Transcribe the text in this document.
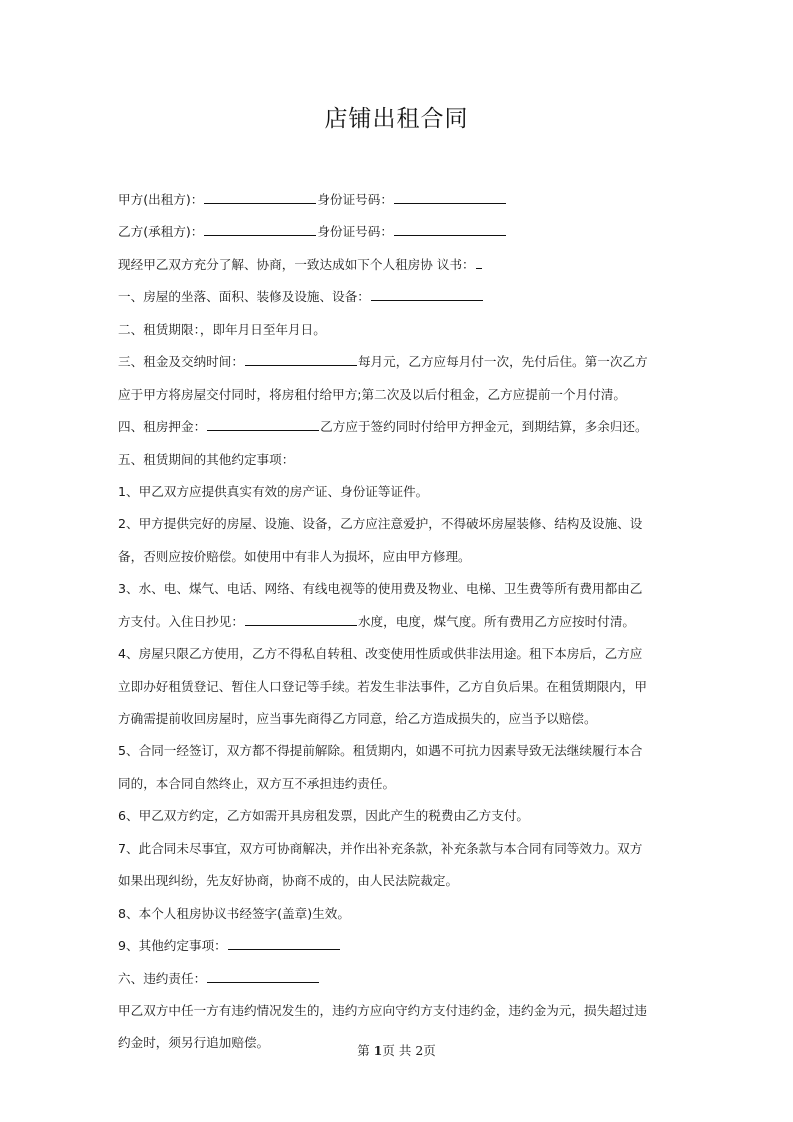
店铺出租合同
甲方(出租方)：	身份证号码：
乙方(承租方)：	身份证号码：
现经甲乙双方充分了解、协商，一致达成如下个人租房协 议书：
一、房屋的坐落、面积、装修及设施、设备：
二、租赁期限：，即年月日至年月日。
三、租金及交纳时间：	每月元，乙方应每月付一次，先付后住。第一次乙方
应于甲方将房屋交付同时，将房租付给甲方;第二次及以后付租金，乙方应提前一个月付清。
四、租房押金：	乙方应于签约同时付给甲方押金元，到期结算，多余归还。
五、租赁期间的其他约定事项：
1、甲乙双方应提供真实有效的房产证、身份证等证件。
2、甲方提供完好的房屋、设施、设备，乙方应注意爱护，不得破坏房屋装修、结构及设施、设
备，否则应按价赔偿。如使用中有非人为损坏，应由甲方修理。
3、水、电、煤气、电话、网络、有线电视等的使用费及物业、电梯、卫生费等所有费用都由乙
方支付。入住日抄见：	水度，电度，煤气度。所有费用乙方应按时付清。
4、房屋只限乙方使用，乙方不得私自转租、改变使用性质或供非法用途。租下本房后，乙方应
立即办好租赁登记、暂住人口登记等手续。若发生非法事件，乙方自负后果。在租赁期限内，甲
方确需提前收回房屋时，应当事先商得乙方同意，给乙方造成损失的，应当予以赔偿。
5、合同一经签订，双方都不得提前解除。租赁期内，如遇不可抗力因素导致无法继续履行本合
同的，本合同自然终止，双方互不承担违约责任。
6、甲乙双方约定，乙方如需开具房租发票，因此产生的税费由乙方支付。
7、此合同未尽事宜，双方可协商解决，并作出补充条款，补充条款与本合同有同等效力。双方
如果出现纠纷，先友好协商，协商不成的，由人民法院裁定。
8、本个人租房协议书经签字(盖章)生效。
9、其他约定事项：
六、违约责任：
甲乙双方中任一方有违约情况发生的，违约方应向守约方支付违约金，违约金为元，损失超过违
约金时，须另行追加赔偿。
第 1页 共 2页
